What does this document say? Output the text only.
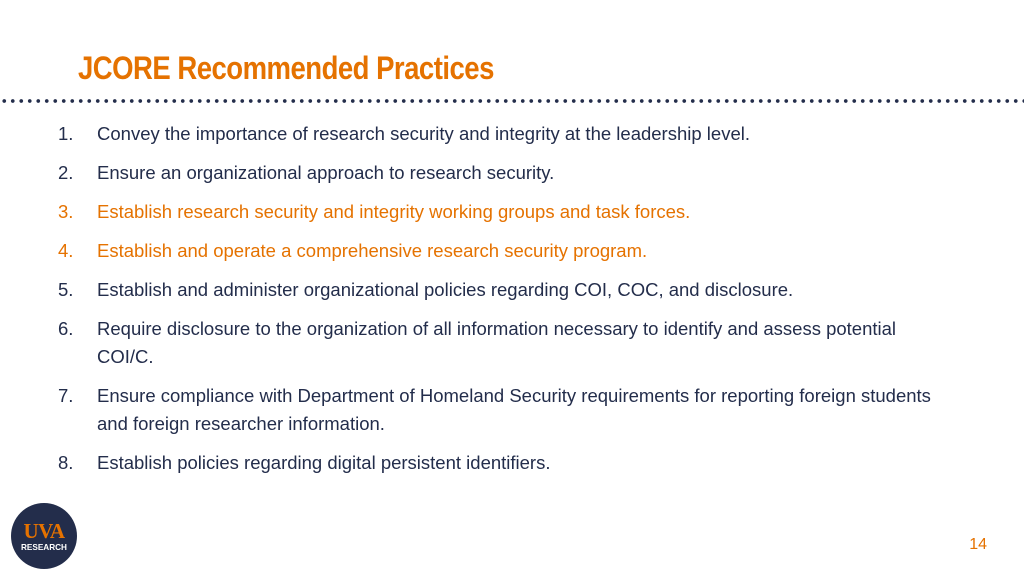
JCORE Recommended Practices
1.	Convey the importance of research security and integrity at the leadership level.
2.	Ensure an organizational approach to research security.
3.	Establish research security and integrity working groups and task forces.
4.	Establish and operate a comprehensive research security program.
5.	Establish and administer organizational policies regarding COI, COC, and disclosure.
6.	Require disclosure to the organization of all information necessary to identify and assess potential COI/C.
7.	Ensure compliance with Department of Homeland Security requirements for reporting foreign students and foreign researcher information.
8.	Establish policies regarding digital persistent identifiers.
UVA
RESEARCH	14
